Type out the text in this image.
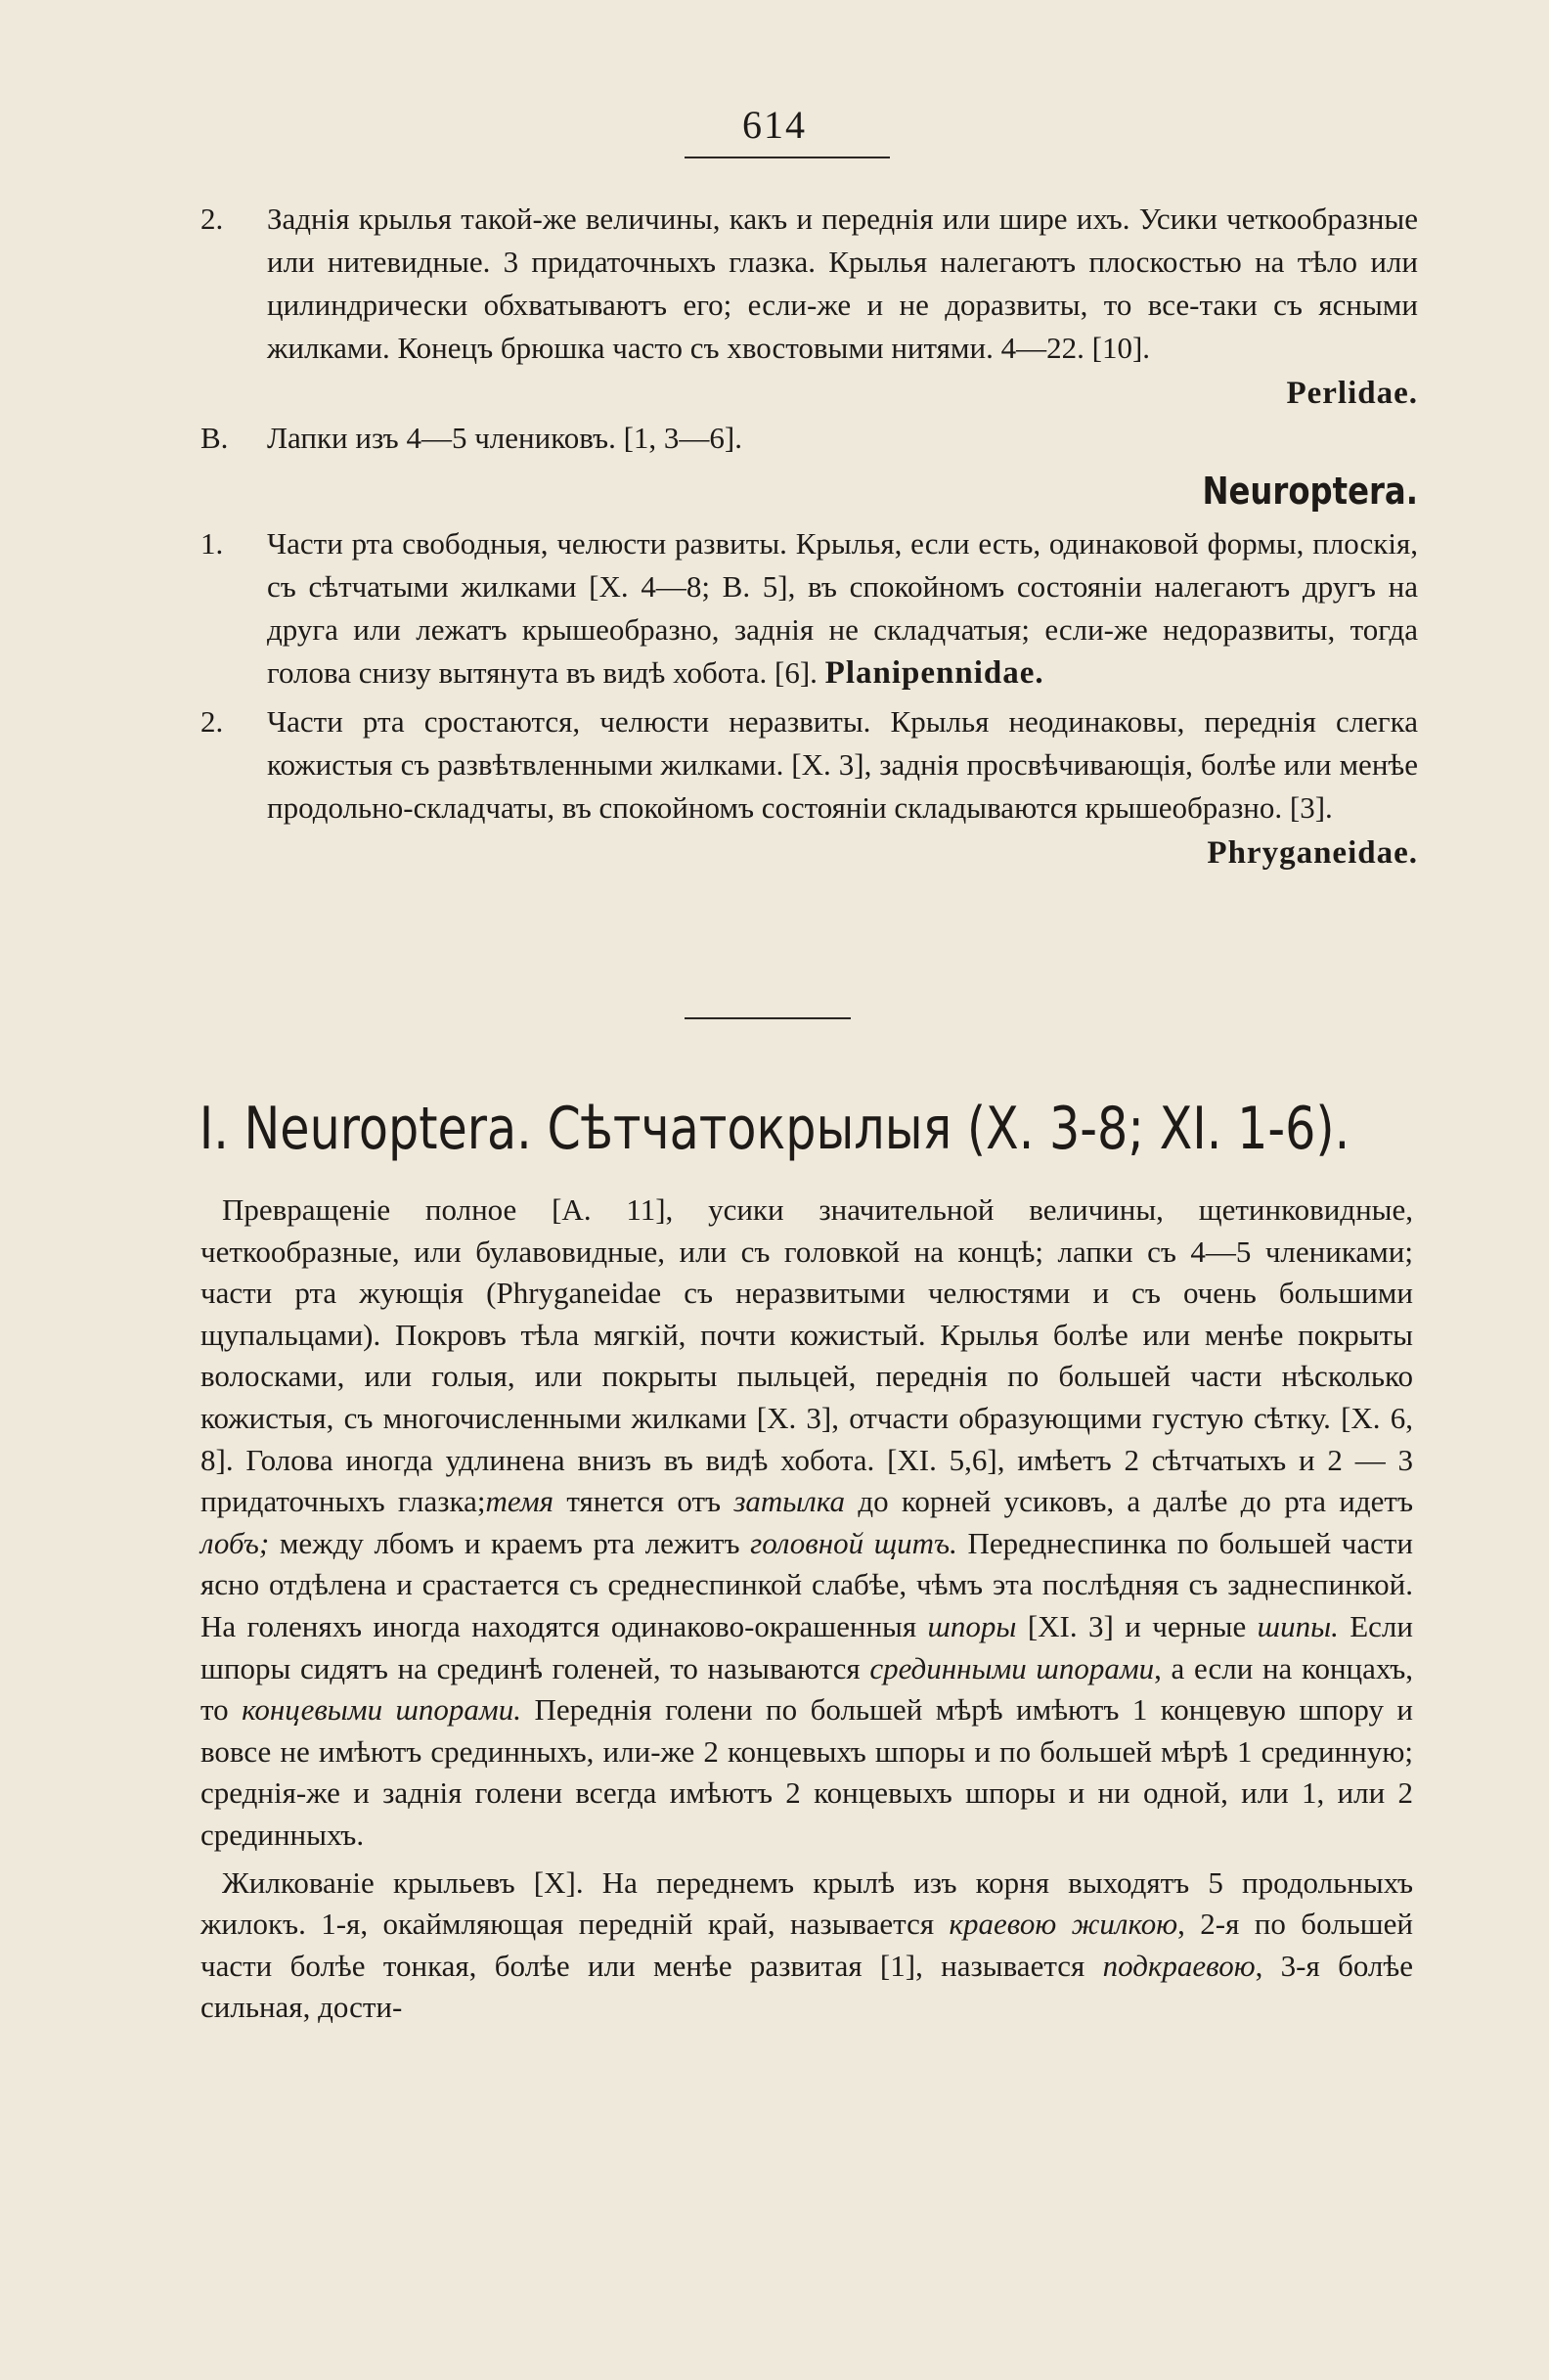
614
2.	Заднія крылья такой-же величины, какъ и переднія или шире ихъ. Усики четкообразные или нитевидные. 3 придаточныхъ глазка. Крылья налегаютъ плоскостью на тѣло или цилиндрически обхватываютъ его; если-же и не доразвиты, то все-таки съ ясными жилками. Конецъ брюшка часто съ хвостовыми нитями. 4—22. [10].
Perlidae.
В.	Лапки изъ 4—5 члениковъ. [1, 3—6].
Neuroptera.
1.	Части рта свободныя, челюсти развиты. Крылья, если есть, одинаковой формы, плоскія, съ сѣтчатыми жилками [X. 4—8; B. 5], въ спокойномъ состояніи налегаютъ другъ на друга или лежатъ крышеобразно, заднія не складчатыя; если-же недоразвиты, тогда голова снизу вытянута въ видѣ хобота. [6]. Planipennidae.
2.	Части рта сростаются, челюсти неразвиты. Крылья неодинаковы, переднія слегка кожистыя съ развѣтвленными жилками. [X. 3], заднія просвѣчивающія, болѣе или менѣе продольно-складчаты, въ спокойномъ состояніи складываются крышеобразно. [3].
Phryganeidae.
I. Neuroptera. Сѣтчатокрылыя (X. 3-8; XI. 1-6).

Превращеніе полное [A. 11], усики значительной величины, щетинковидные, четкообразные, или булавовидные, или съ головкой на концѣ; лапки съ 4—5 члениками; части рта жующія (Phryganeidae съ неразвитыми челюстями и съ очень большими щупальцами). Покровъ тѣла мягкій, почти кожистый. Крылья болѣе или менѣе покрыты волосками, или голыя, или покрыты пыльцей, переднія по большей части нѣсколько кожистыя, съ многочисленными жилками [X. 3], отчасти образующими густую сѣтку. [X. 6, 8]. Голова иногда удлинена внизъ въ видѣ хобота. [XI. 5,6], имѣетъ 2 сѣтчатыхъ и 2 — 3 придаточныхъ глазка;темя тянется отъ затылка до корней усиковъ, а далѣе до рта идетъ лобъ; между лбомъ и краемъ рта лежитъ головной щитъ. Переднеспинка по большей части ясно отдѣлена и срастается съ среднеспинкой слабѣе, чѣмъ эта послѣдняя съ заднеспинкой. На голеняхъ иногда находятся одинаково-окрашенныя шпоры [XI. 3] и черные шипы. Если шпоры сидятъ на срединѣ голеней, то называются срединными шпорами, а если на концахъ, то концевыми шпорами. Переднія голени по большей мѣрѣ имѣютъ 1 концевую шпору и вовсе не имѣютъ срединныхъ, или-же 2 концевыхъ шпоры и по большей мѣрѣ 1 срединную; среднія-же и заднія голени всегда имѣютъ 2 концевыхъ шпоры и ни одной, или 1, или 2 срединныхъ.

Жилкованіе крыльевъ [X]. На переднемъ крылѣ изъ корня выходятъ 5 продольныхъ жилокъ. 1-я, окаймляющая передній край, называется краевою жилкою, 2-я по большей части болѣе тонкая, болѣе или менѣе развитая [1], называется подкраевою, 3-я болѣе сильная, дости-
